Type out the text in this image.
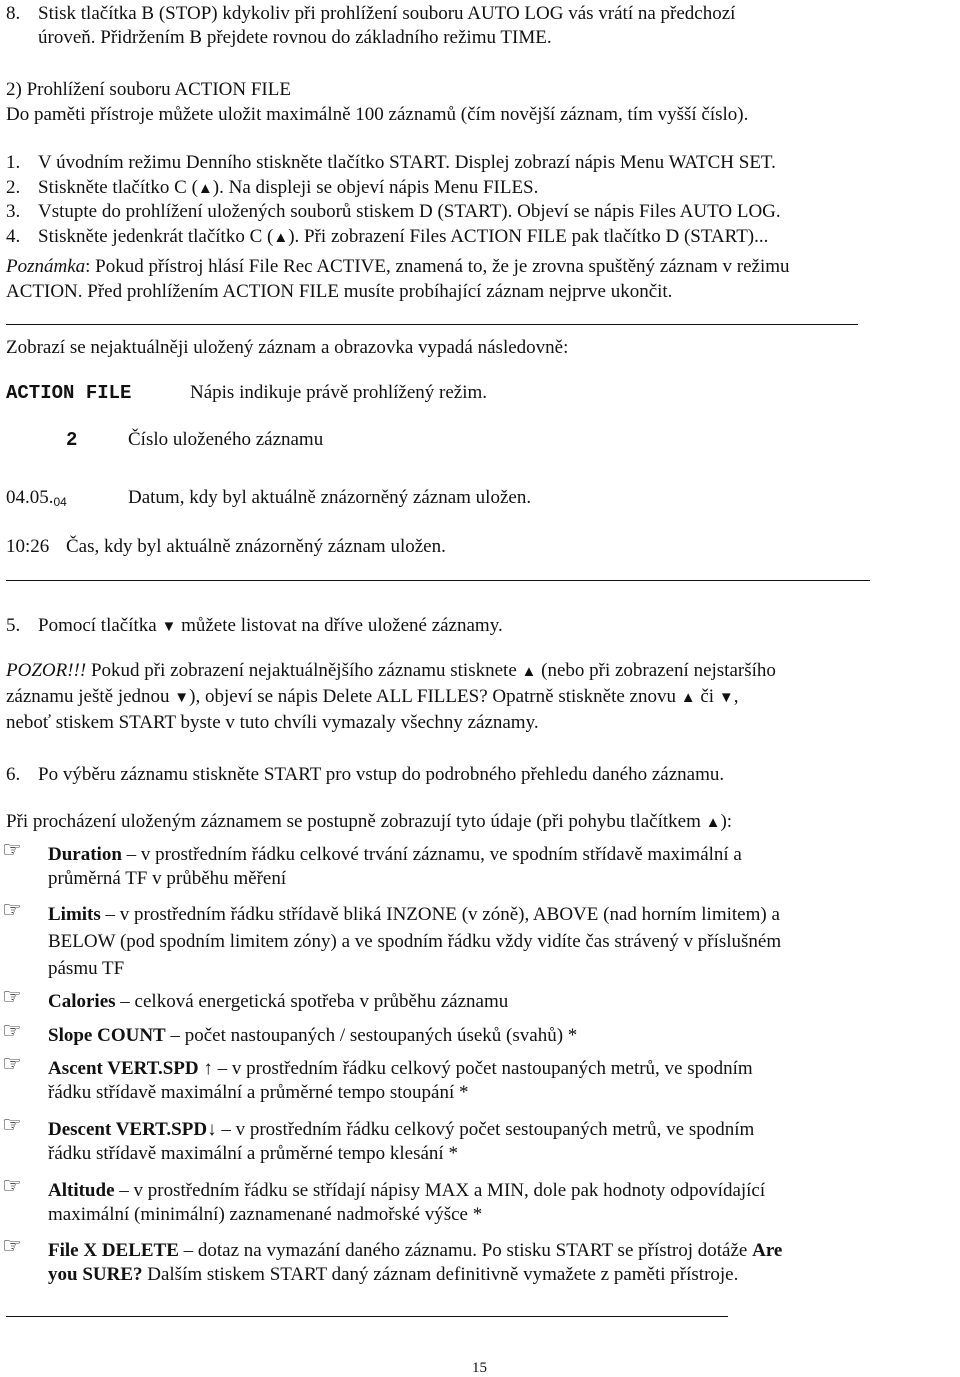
8. Stisk tlačítka B (STOP) kdykoliv při prohlížení souboru AUTO LOG vás vrátí na předchozí
úroveň. Přidržením B přejdete rovnou do základního režimu TIME.
2) Prohlížení souboru ACTION FILE
Do paměti přístroje můžete uložit maximálně 100 záznamů (čím novější záznam, tím vyšší číslo).
1. V úvodním režimu Denního stiskněte tlačítko START. Displej zobrazí nápis Menu WATCH SET.
2. Stiskněte tlačítko C ( ▲ ). Na displeji se objeví nápis Menu FILES.
3. Vstupte do prohlížení uložených souborů stiskem D (START). Objeví se nápis Files AUTO LOG.
4. Stiskněte jedenkrát tlačítko C ( ▲ ). Při zobrazení Files ACTION FILE pak tlačítko D (START)...
Poznámka: Pokud přístroj hlásí File Rec ACTIVE, znamená to, že je zrovna spuštěný záznam v režimu
ACTION. Před prohlížením ACTION FILE musíte probíhající záznam nejprve ukončit.
Zobrazí se nejaktuálněji uložený záznam a obrazovka vypadá následovně:
ACTION FILE	Nápis indikuje právě prohlížený režim.
2	Číslo uloženého záznamu
$04.05._{04}$	Datum, kdy byl aktuálně znázorněný záznam uložen.
10:26 Čas, kdy byl aktuálně znázorněný záznam uložen.
5. Pomocí tlačítka ▼ můžete listovat na dříve uložené záznamy.
POZOR!!! Pokud při zobrazení nejaktuálnějšího záznamu stisknete ▲ (nebo při zobrazení nejstaršího
záznamu ještě jednou ▼ ), objeví se nápis Delete ALL FILLES? Opatrně stiskněte znovu ▲ či ▼ ,
neboť stiskem START byste v tuto chvíli vymazaly všechny záznamy.
6. Po výběru záznamu stiskněte START pro vstup do podrobného přehledu daného záznamu.
Při procházení uloženým záznamem se postupně zobrazují tyto údaje (při pohybu tlačítkem ▲ ):
☞	Duration – v prostředním řádku celkové trvání záznamu, ve spodním střídavě maximální a
průměrná TF v průběhu měření
☞	Limits – v prostředním řádku střídavě bliká INZONE (v zóně), ABOVE (nad horním limitem) a
BELOW (pod spodním limitem zóny) a ve spodním řádku vždy vidíte čas strávený v příslušném
pásmu TF
☞	Calories – celková energetická spotřeba v průběhu záznamu
☞	Slope COUNT – počet nastoupaných / sestoupaných úseků (svahů) *
☞	Ascent VERT.SPD ↑ – v prostředním řádku celkový počet nastoupaných metrů, ve spodním
řádku střídavě maximální a průměrné tempo stoupání *
☞	Descent VERT.SPD↓ – v prostředním řádku celkový počet sestoupaných metrů, ve spodním
řádku střídavě maximální a průměrné tempo klesání *
☞	Altitude – v prostředním řádku se střídají nápisy MAX a MIN, dole pak hodnoty odpovídající
maximální (minimální) zaznamenané nadmořské výšce *
☞	File X DELETE – dotaz na vymazání daného záznamu. Po stisku START se přístroj dotáže Are
you SURE? Dalším stiskem START daný záznam definitivně vymažete z paměti přístroje.
15
